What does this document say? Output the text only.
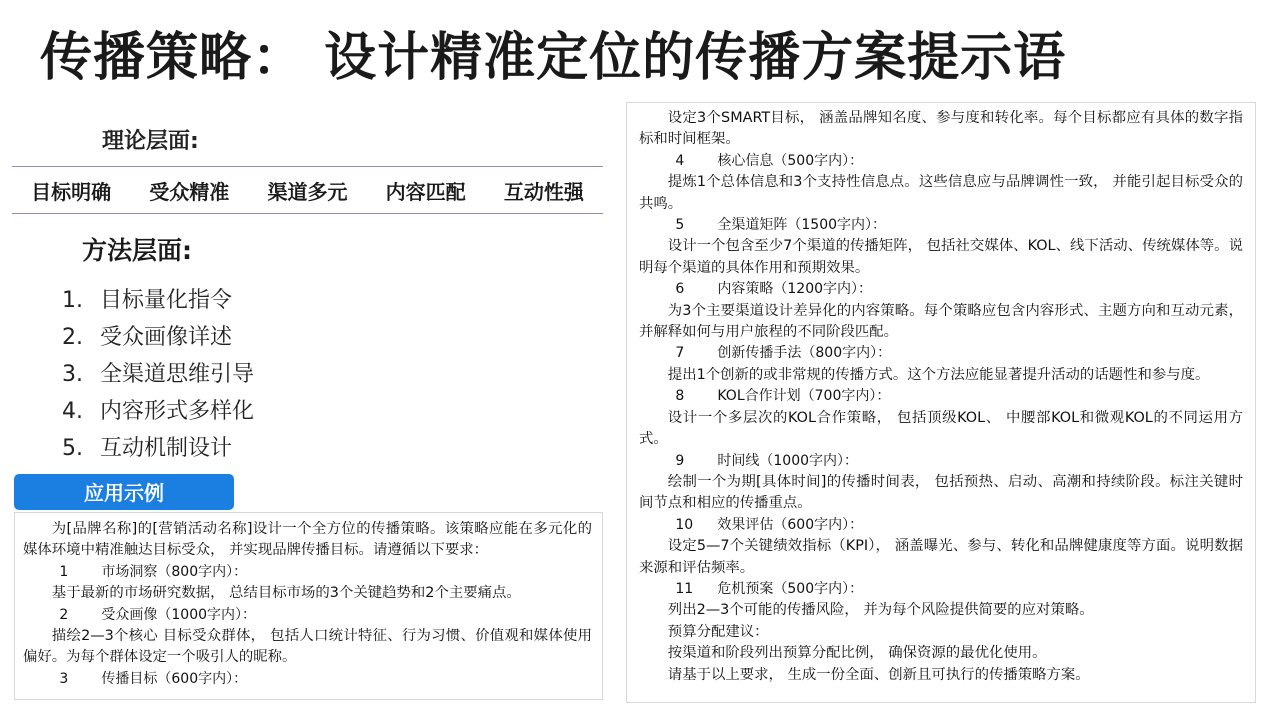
传播策略： 设计精准定位的传播方案提示语
理论层面:
目标明确 受众精准 渠道多元 内容匹配 互动性强
方法层面:
1. 目标量化指令
2. 受众画像详述
3. 全渠道思维引导
4. 内容形式多样化
5. 互动机制设计
应用示例

为[品牌名称]的[营销活动名称]设计一个全方位的传播策略。该策略应能在多元化的媒体环境中精准触达目标受众， 并实现品牌传播目标。请遵循以下要求：

1 市场洞察（800字内）：

基于最新的市场研究数据， 总结目标市场的3个关键趋势和2个主要痛点。

2 受众画像（1000字内）：

描绘2—3个核心 目标受众群体， 包括人口统计特征、行为习惯、价值观和媒体使用偏好。为每个群体设定一个吸引人的昵称。

3 传播目标（600字内）：

设定3个SMART目标， 涵盖品牌知名度、参与度和转化率。每个目标都应有具体的数字指标和时间框架。

4 核心信息（500字内）：

提炼1个总体信息和3个支持性信息点。这些信息应与品牌调性一致， 并能引起目标受众的共鸣。

5 全渠道矩阵（1500字内）：

设计一个包含至少7个渠道的传播矩阵， 包括社交媒体、KOL、线下活动、传统媒体等。说明每个渠道的具体作用和预期效果。

6 内容策略（1200字内）：

为3个主要渠道设计差异化的内容策略。每个策略应包含内容形式、主题方向和互动元素， 并解释如何与用户旅程的不同阶段匹配。

7 创新传播手法（800字内）：

提出1个创新的或非常规的传播方式。这个方法应能显著提升活动的话题性和参与度。

8 KOL合作计划（700字内）：

设计一个多层次的KOL合作策略， 包括顶级KOL、 中腰部KOL和微观KOL的不同运用方式。

9 时间线（1000字内）：

绘制一个为期[具体时间]的传播时间表， 包括预热、启动、高潮和持续阶段。标注关键时间节点和相应的传播重点。

10 效果评估（600字内）：

设定5—7个关键绩效指标（KPI）， 涵盖曝光、参与、转化和品牌健康度等方面。说明数据来源和评估频率。

11 危机预案（500字内）：

列出2—3个可能的传播风险， 并为每个风险提供简要的应对策略。

预算分配建议：

按渠道和阶段列出预算分配比例， 确保资源的最优化使用。

请基于以上要求， 生成一份全面、创新且可执行的传播策略方案。
